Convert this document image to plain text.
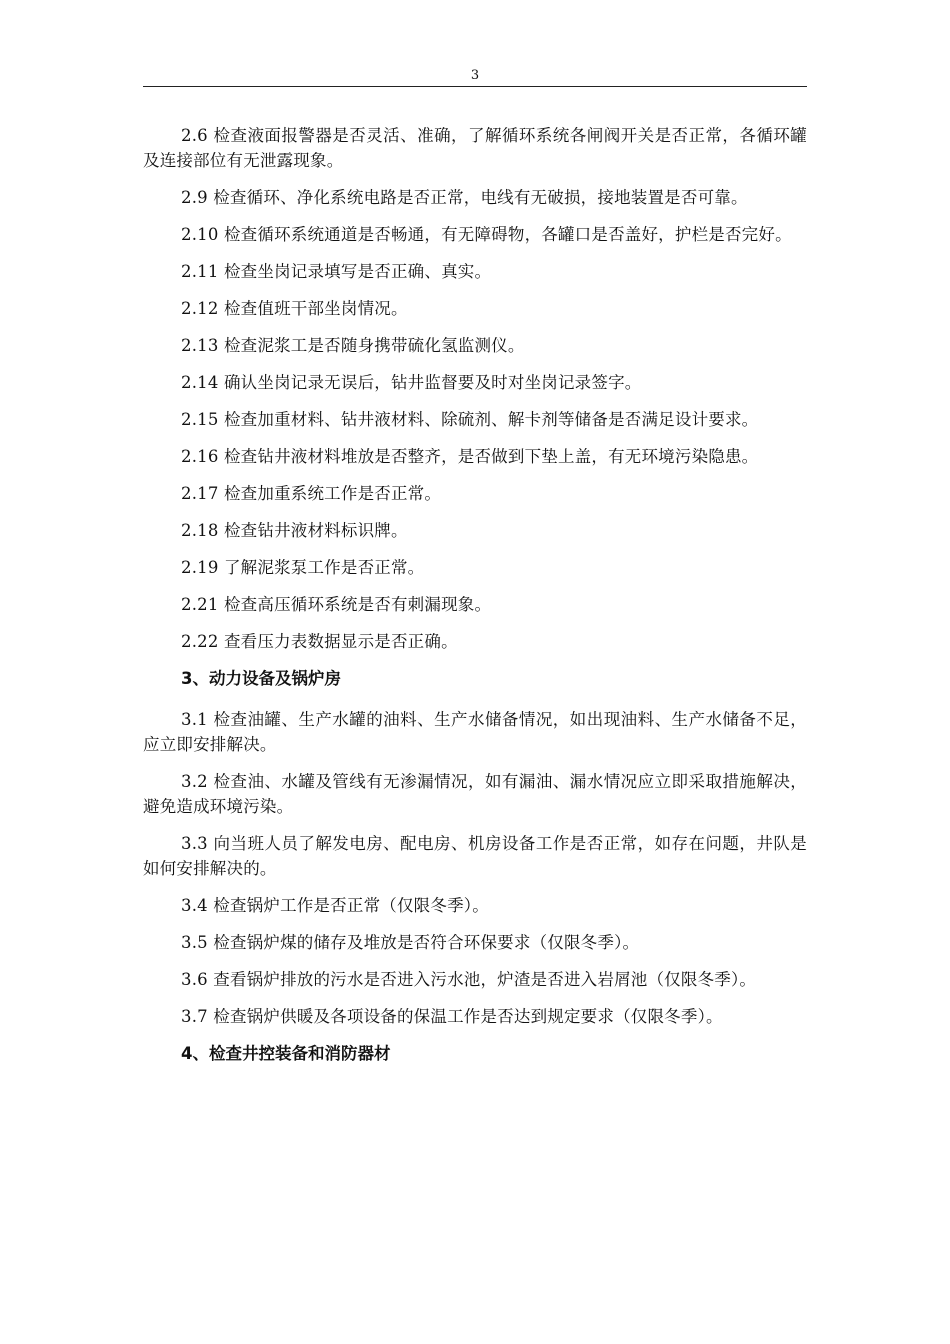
3

2.6 检查液面报警器是否灵活、准确，了解循环系统各闸阀开关是否正常，各循环罐及连接部位有无泄露现象。

2.9 检查循环、净化系统电路是否正常，电线有无破损，接地装置是否可靠。

2.10 检查循环系统通道是否畅通，有无障碍物，各罐口是否盖好，护栏是否完好。

2.11 检查坐岗记录填写是否正确、真实。

2.12 检查值班干部坐岗情况。

2.13 检查泥浆工是否随身携带硫化氢监测仪。

2.14 确认坐岗记录无误后，钻井监督要及时对坐岗记录签字。

2.15 检查加重材料、钻井液材料、除硫剂、解卡剂等储备是否满足设计要求。

2.16 检查钻井液材料堆放是否整齐，是否做到下垫上盖，有无环境污染隐患。

2.17 检查加重系统工作是否正常。

2.18 检查钻井液材料标识牌。

2.19 了解泥浆泵工作是否正常。

2.21 检查高压循环系统是否有刺漏现象。

2.22 查看压力表数据显示是否正确。

3、动力设备及锅炉房

3.1 检查油罐、生产水罐的油料、生产水储备情况，如出现油料、生产水储备不足，应立即安排解决。

3.2 检查油、水罐及管线有无渗漏情况，如有漏油、漏水情况应立即采取措施解决，避免造成环境污染。

3.3 向当班人员了解发电房、配电房、机房设备工作是否正常，如存在问题，井队是如何安排解决的。

3.4 检查锅炉工作是否正常（仅限冬季）。

3.5 检查锅炉煤的储存及堆放是否符合环保要求（仅限冬季）。

3.6 查看锅炉排放的污水是否进入污水池，炉渣是否进入岩屑池（仅限冬季）。

3.7 检查锅炉供暖及各项设备的保温工作是否达到规定要求（仅限冬季）。

4、检查井控装备和消防器材
